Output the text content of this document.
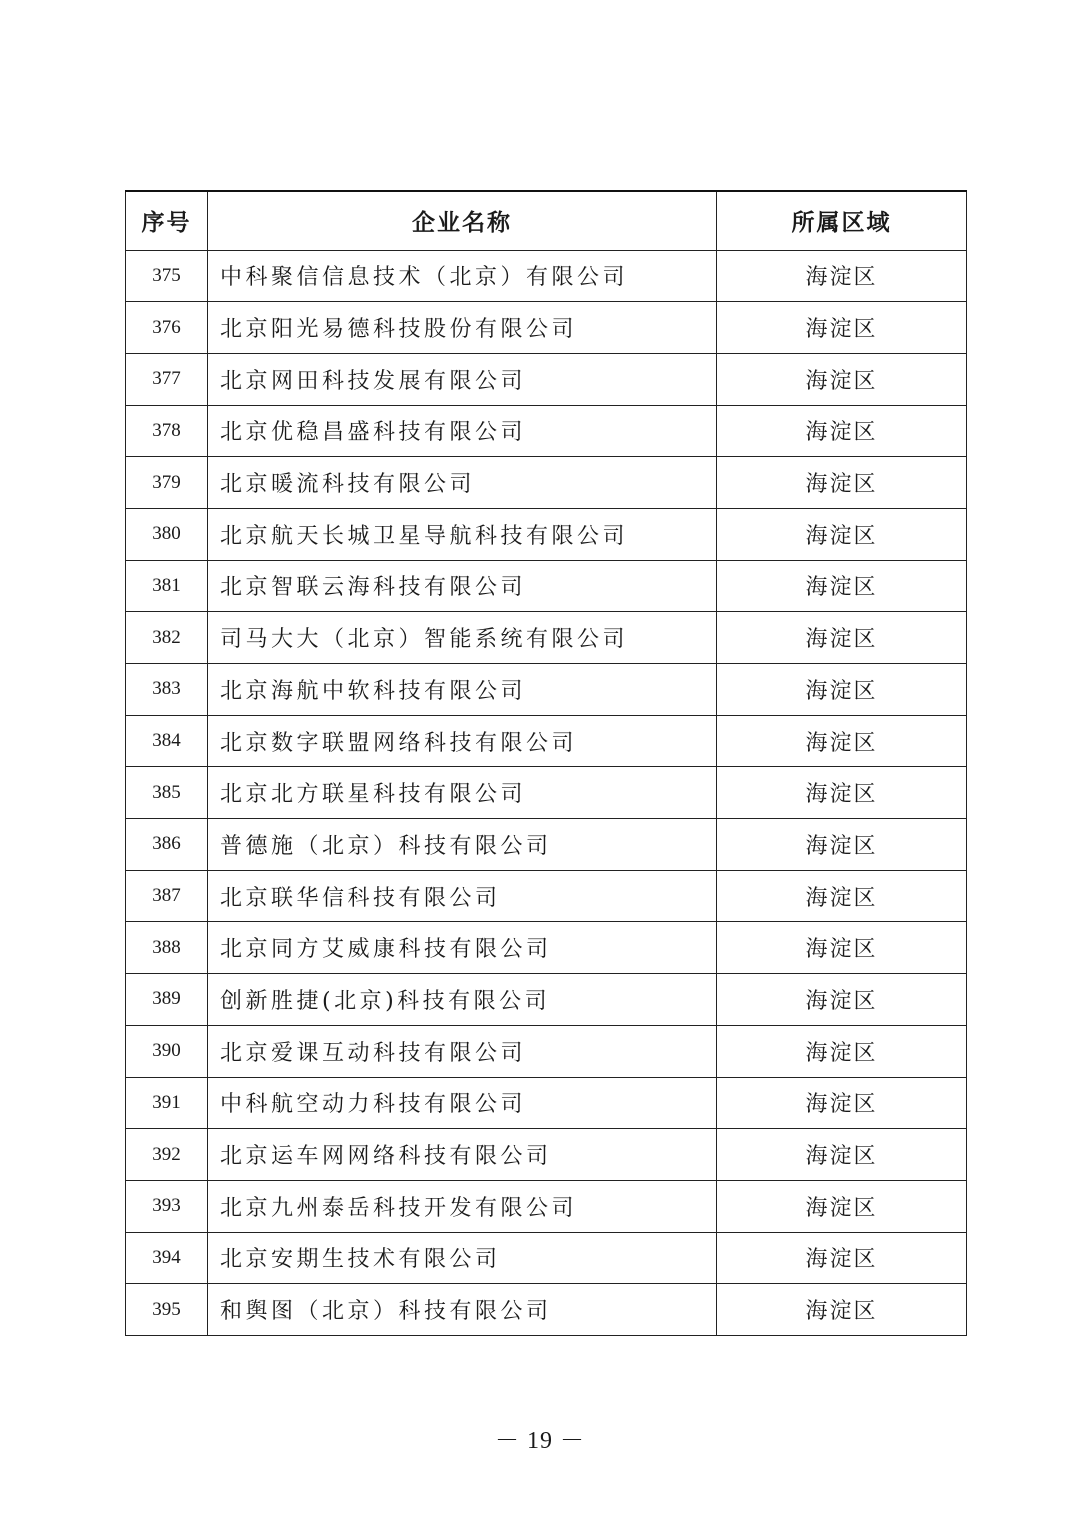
序号	企业名称	所属区域
375	中科聚信信息技术（北京）有限公司	海淀区
376	北京阳光易德科技股份有限公司	海淀区
377	北京网田科技发展有限公司	海淀区
378	北京优稳昌盛科技有限公司	海淀区
379	北京暖流科技有限公司	海淀区
380	北京航天长城卫星导航科技有限公司	海淀区
381	北京智联云海科技有限公司	海淀区
382	司马大大（北京）智能系统有限公司	海淀区
383	北京海航中软科技有限公司	海淀区
384	北京数字联盟网络科技有限公司	海淀区
385	北京北方联星科技有限公司	海淀区
386	普德施（北京）科技有限公司	海淀区
387	北京联华信科技有限公司	海淀区
388	北京同方艾威康科技有限公司	海淀区
389	创新胜捷(北京)科技有限公司	海淀区
390	北京爱课互动科技有限公司	海淀区
391	中科航空动力科技有限公司	海淀区
392	北京运车网网络科技有限公司	海淀区
393	北京九州泰岳科技开发有限公司	海淀区
394	北京安期生技术有限公司	海淀区
395	和舆图（北京）科技有限公司	海淀区
－ 19 －
